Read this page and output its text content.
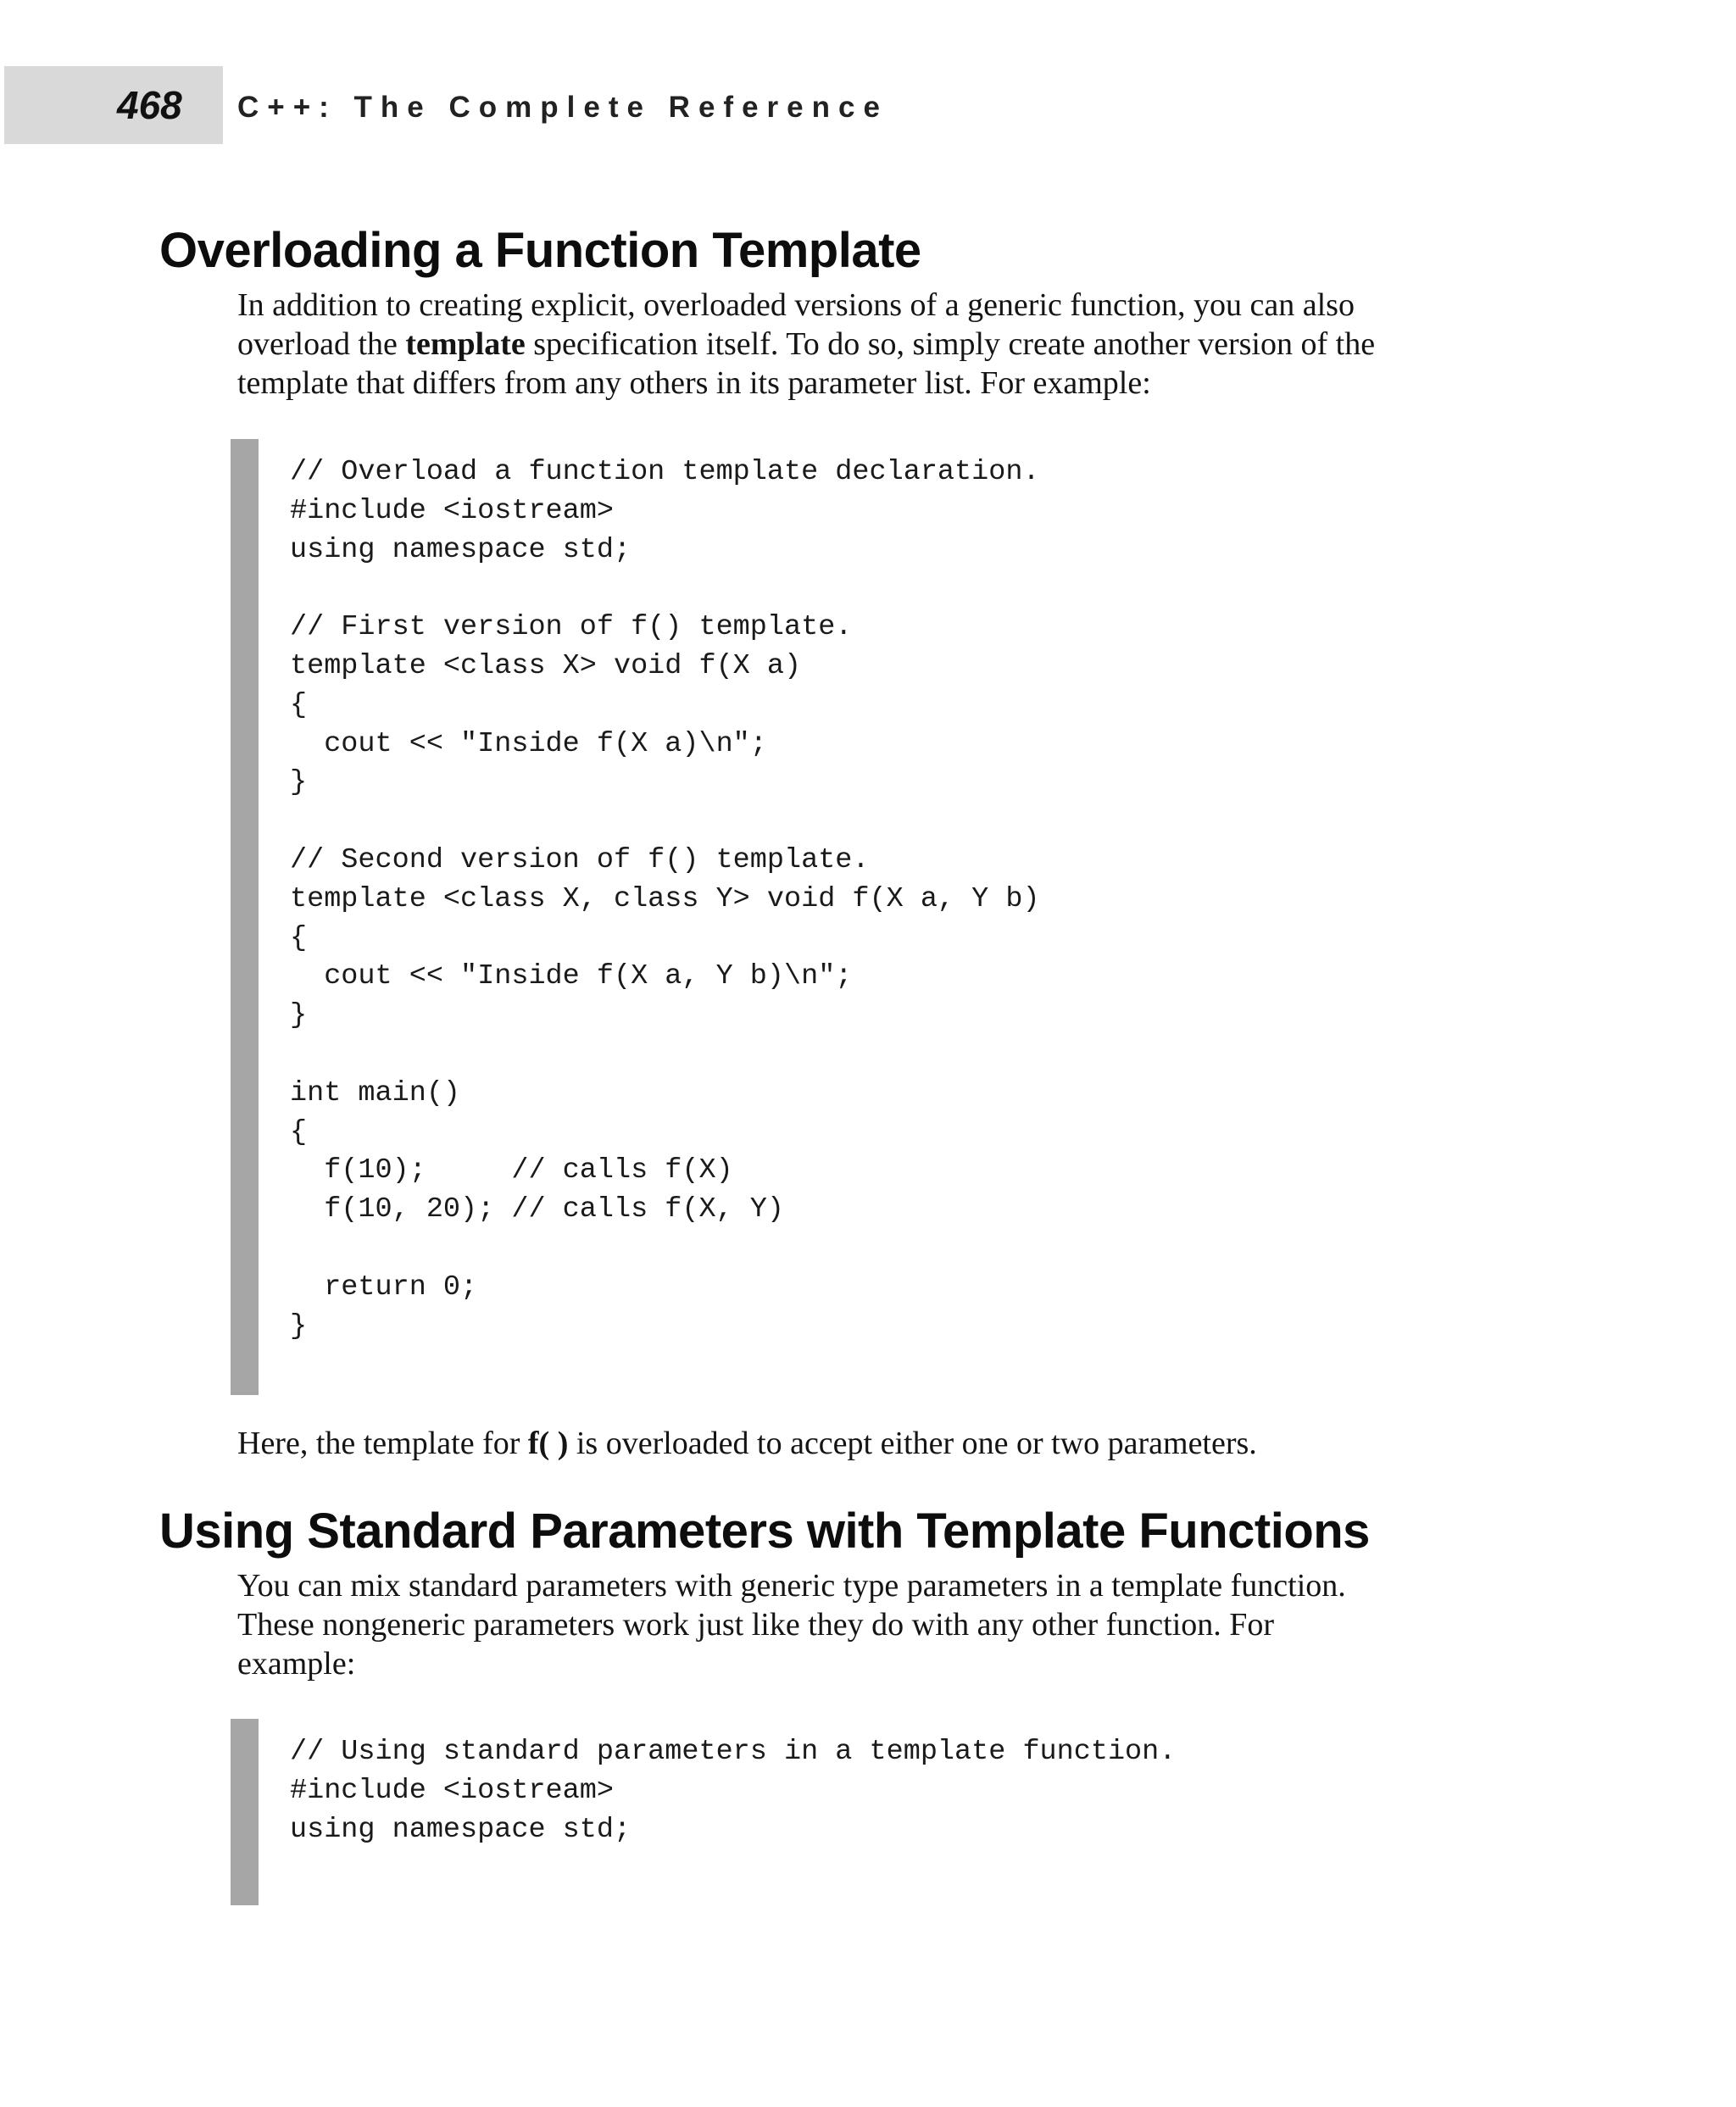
468 C++: The Complete Reference
Overloading a Function Template
In addition to creating explicit, overloaded versions of a generic function, you can also
overload the template specification itself. To do so, simply create another version of the
template that differs from any others in its parameter list. For example:
// Overload a function template declaration.
#include <iostream>
using namespace std;
// First version of f() template.
template <class X> void f(X a)
{
cout << "Inside f(X a)\n";
}
// Second version of f() template.
template <class X, class Y> void f(X a, Y b)
{
cout << "Inside f(X a, Y b)\n";
}
int main()
{
f(10);     // calls f(X)
f(10, 20); // calls f(X, Y)
return 0;
}
Here, the template for f( ) is overloaded to accept either one or two parameters.
Using Standard Parameters with Template Functions
You can mix standard parameters with generic type parameters in a template function.
These nongeneric parameters work just like they do with any other function. For
example:
// Using standard parameters in a template function.
#include <iostream>
using namespace std;
